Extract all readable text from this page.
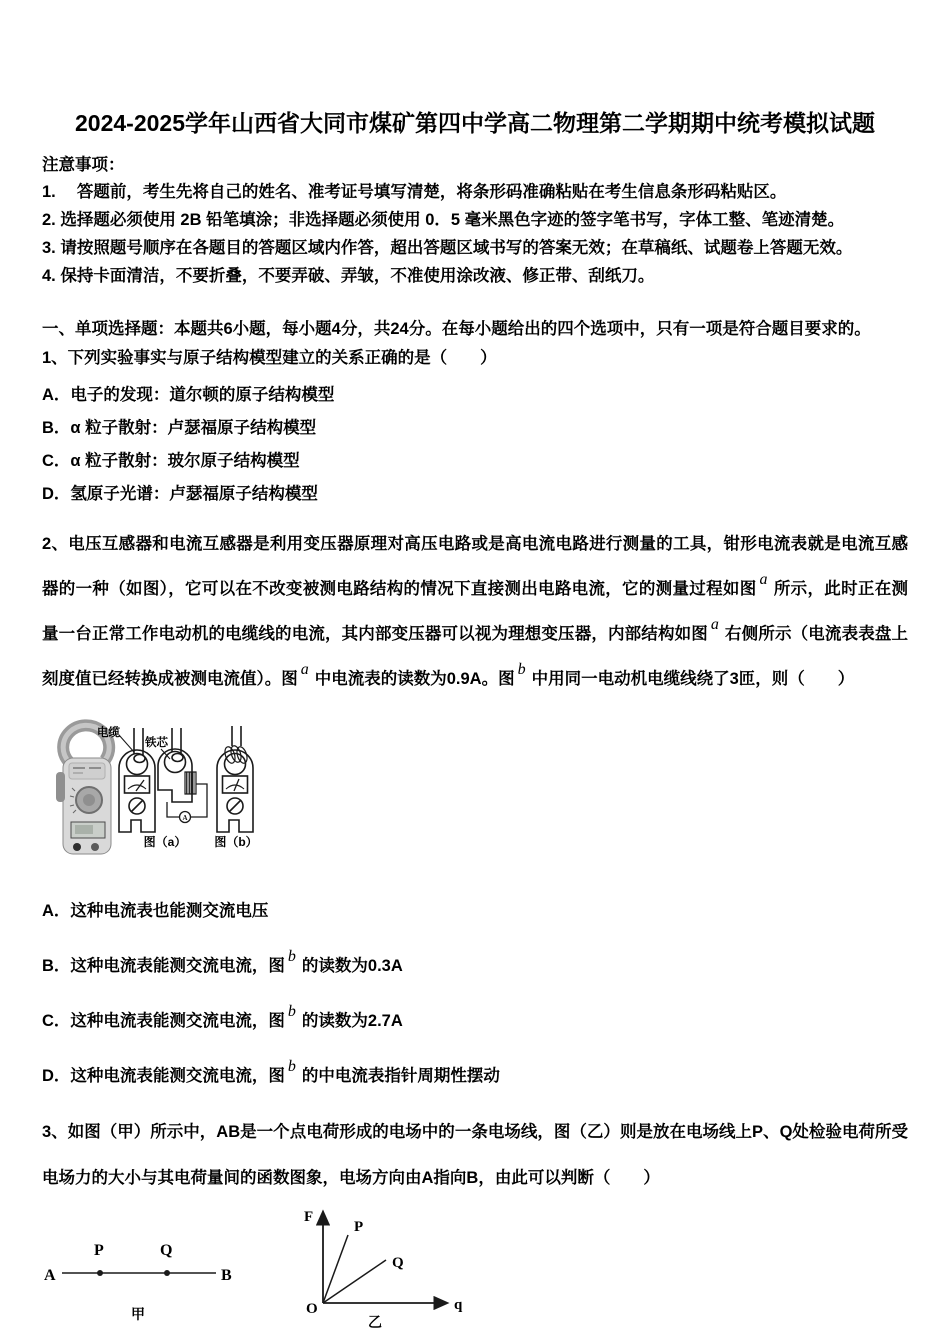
2024-2025学年山西省大同市煤矿第四中学高二物理第二学期期中统考模拟试题
注意事项：
1.　 答题前，考生先将自己的姓名、准考证号填写清楚，将条形码准确粘贴在考生信息条形码粘贴区。
2. 选择题必须使用 2B 铅笔填涂；非选择题必须使用 0．5 毫米黑色字迹的签字笔书写，字体工整、笔迹清楚。
3. 请按照题号顺序在各题目的答题区域内作答，超出答题区域书写的答案无效；在草稿纸、试题卷上答题无效。
4. 保持卡面清洁，不要折叠，不要弄破、弄皱，不准使用涂改液、修正带、刮纸刀。
一、单项选择题：本题共6小题，每小题4分，共24分。在每小题给出的四个选项中，只有一项是符合题目要求的。
1、下列实验事实与原子结构模型建立的关系正确的是（　　）
A．电子的发现：道尔顿的原子结构模型
B．α 粒子散射：卢瑟福原子结构模型
C．α 粒子散射：玻尔原子结构模型
D．氢原子光谱：卢瑟福原子结构模型
2、电压互感器和电流互感器是利用变压器原理对高压电路或是高电流电路进行测量的工具，钳形电流表就是电流互感器的一种（如图），它可以在不改变被测电路结构的情况下直接测出电路电流，它的测量过程如图$^a$所示，此时正在测量一台正常工作电动机的电缆线的电流，其内部变压器可以视为理想变压器，内部结构如图$^a$右侧所示（电流表表盘上刻度值已经转换成被测电流值）。图$^a$中电流表的读数为0.9A。图$^b$中用同一电动机电缆线绕了3匝，则（　　）
A
电缆
铁芯
图（a） 图（b）
A．这种电流表也能测交流电压
B．这种电流表能测交流电流，图$^b$的读数为0.3A
C．这种电流表能测交流电流，图$^b$的读数为2.7A
D．这种电流表能测交流电流，图$^b$的中电流表指针周期性摆动
3、如图（甲）所示中，AB是一个点电荷形成的电场中的一条电场线，图（乙）则是放在电场线上P、Q处检验电荷所受电场力的大小与其电荷量间的函数图象，电场方向由A指向B，由此可以判断（　　）
A
P	Q
B
甲
F
q
O
P
Q
乙
